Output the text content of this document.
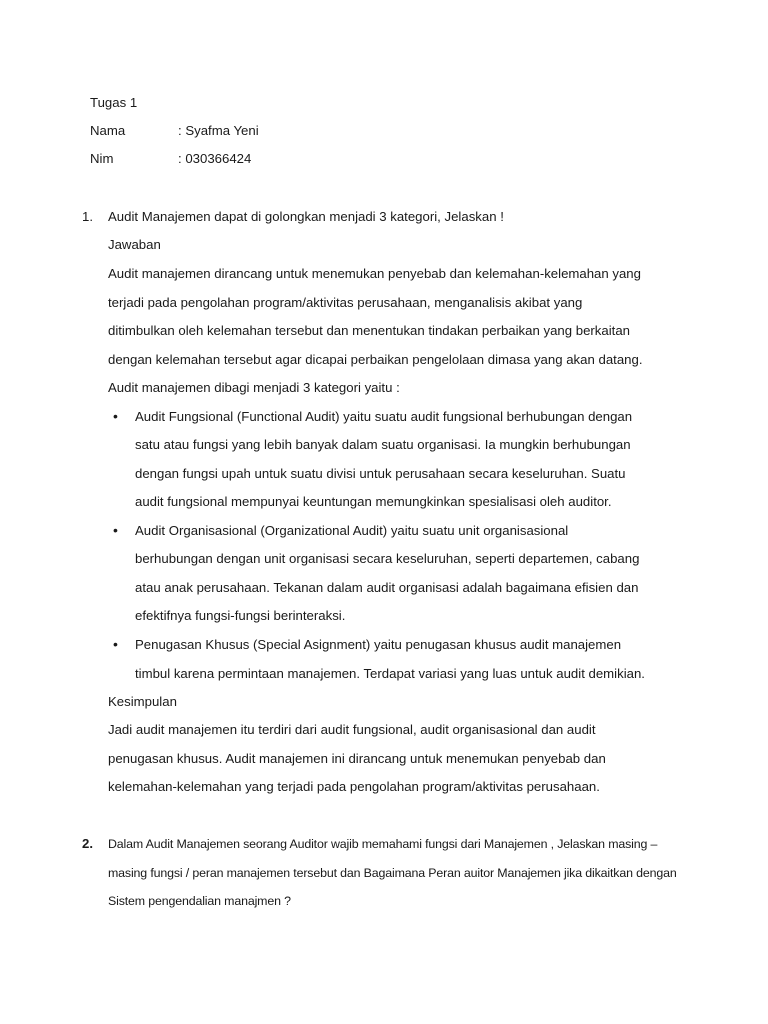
Tugas 1
Nama	: Syafma Yeni
Nim	: 030366424
1. Audit Manajemen dapat di golongkan menjadi 3 kategori, Jelaskan !
Jawaban
Audit manajemen dirancang untuk menemukan penyebab dan kelemahan-kelemahan yang
terjadi pada pengolahan program/aktivitas perusahaan, menganalisis akibat yang
ditimbulkan oleh kelemahan tersebut dan menentukan tindakan perbaikan yang berkaitan
dengan kelemahan tersebut agar dicapai perbaikan pengelolaan dimasa yang akan datang.
Audit manajemen dibagi menjadi 3 kategori yaitu :
• Audit Fungsional (Functional Audit) yaitu suatu audit fungsional berhubungan dengan
satu atau fungsi yang lebih banyak dalam suatu organisasi. Ia mungkin berhubungan
dengan fungsi upah untuk suatu divisi untuk perusahaan secara keseluruhan. Suatu
audit fungsional mempunyai keuntungan memungkinkan spesialisasi oleh auditor.
• Audit Organisasional (Organizational Audit) yaitu suatu unit organisasional
berhubungan dengan unit organisasi secara keseluruhan, seperti departemen, cabang
atau anak perusahaan. Tekanan dalam audit organisasi adalah bagaimana efisien dan
efektifnya fungsi-fungsi berinteraksi.
• Penugasan Khusus (Special Asignment) yaitu penugasan khusus audit manajemen
timbul karena permintaan manajemen. Terdapat variasi yang luas untuk audit demikian.
Kesimpulan
Jadi audit manajemen itu terdiri dari audit fungsional, audit organisasional dan audit
penugasan khusus. Audit manajemen ini dirancang untuk menemukan penyebab dan
kelemahan-kelemahan yang terjadi pada pengolahan program/aktivitas perusahaan.
2. Dalam Audit Manajemen seorang Auditor wajib memahami fungsi dari Manajemen , Jelaskan masing –
masing fungsi / peran manajemen tersebut dan Bagaimana Peran auitor Manajemen jika dikaitkan dengan
Sistem pengendalian manajmen ?
